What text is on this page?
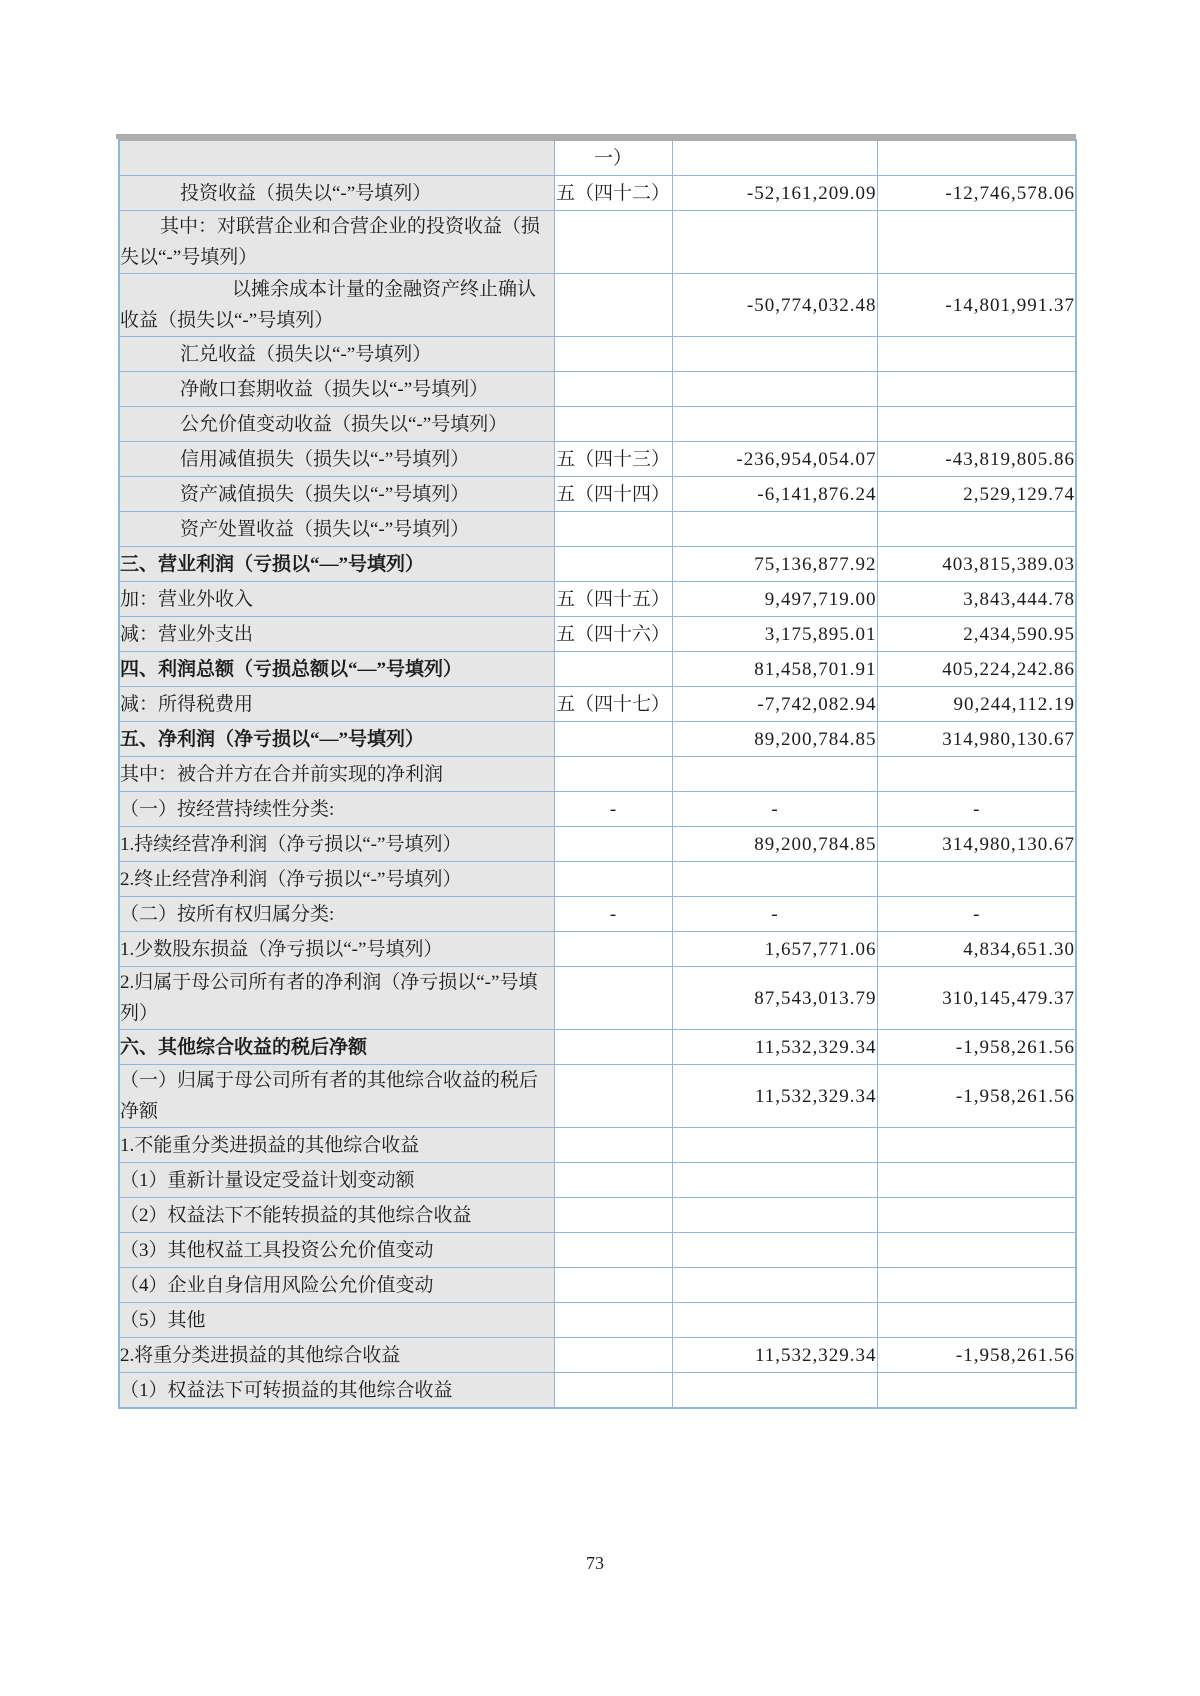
	一）		
投资收益（损失以“-”号填列）	五（四十二）	-52,161,209.09	-12,746,578.06
其中：对联营企业和合营企业的投资收益（损失以“-”号填列）			
以摊余成本计量的金融资产终止确认收益（损失以“-”号填列）		-50,774,032.48	-14,801,991.37
汇兑收益（损失以“-”号填列）			
净敞口套期收益（损失以“-”号填列）			
公允价值变动收益（损失以“-”号填列）			
信用减值损失（损失以“-”号填列）	五（四十三）	-236,954,054.07	-43,819,805.86
资产减值损失（损失以“-”号填列）	五（四十四）	-6,141,876.24	2,529,129.74
资产处置收益（损失以“-”号填列）			
三、营业利润（亏损以“—”号填列）		75,136,877.92	403,815,389.03
加：营业外收入	五（四十五）	9,497,719.00	3,843,444.78
减：营业外支出	五（四十六）	3,175,895.01	2,434,590.95
四、利润总额（亏损总额以“—”号填列）		81,458,701.91	405,224,242.86
减：所得税费用	五（四十七）	-7,742,082.94	90,244,112.19
五、净利润（净亏损以“—”号填列）		89,200,784.85	314,980,130.67
其中：被合并方在合并前实现的净利润			
（一）按经营持续性分类:	-	-	-
1.持续经营净利润（净亏损以“-”号填列）		89,200,784.85	314,980,130.67
2.终止经营净利润（净亏损以“-”号填列）			
（二）按所有权归属分类:	-	-	-
1.少数股东损益（净亏损以“-”号填列）		1,657,771.06	4,834,651.30
2.归属于母公司所有者的净利润（净亏损以“-”号填列）		87,543,013.79	310,145,479.37
六、其他综合收益的税后净额		11,532,329.34	-1,958,261.56
（一）归属于母公司所有者的其他综合收益的税后净额		11,532,329.34	-1,958,261.56
1.不能重分类进损益的其他综合收益			
（1）重新计量设定受益计划变动额			
（2）权益法下不能转损益的其他综合收益			
（3）其他权益工具投资公允价值变动			
（4）企业自身信用风险公允价值变动			
（5）其他			
2.将重分类进损益的其他综合收益		11,532,329.34	-1,958,261.56
（1）权益法下可转损益的其他综合收益			
73
